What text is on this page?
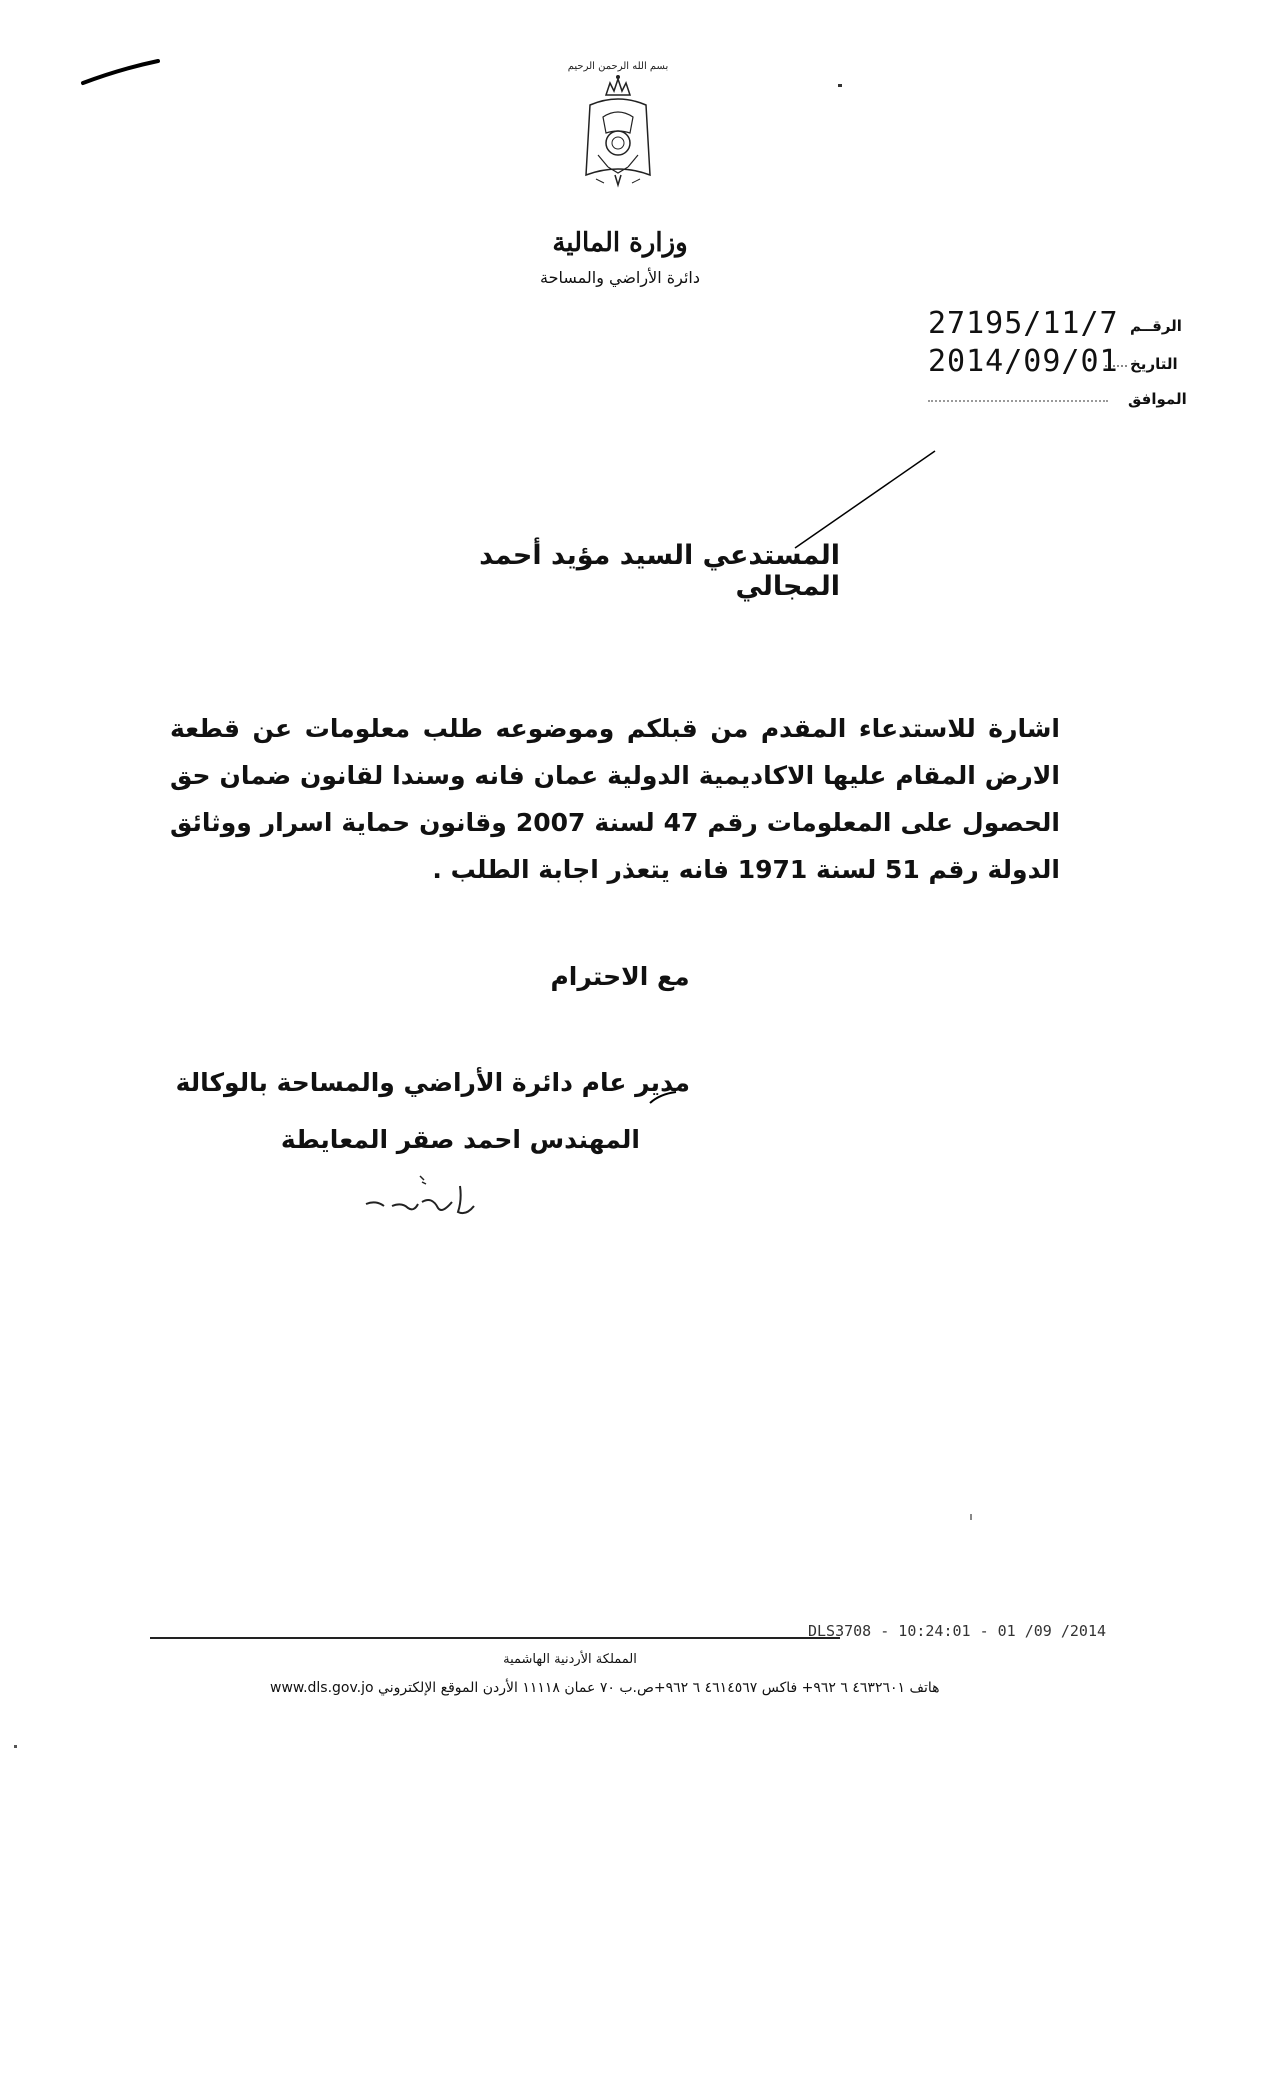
بسم الله الرحمن الرحيم
وزارة المالية
دائرة الأراضي والمساحة
الرقــم
27195/11/7
التاريخ
2014/09/01
الموافق
المستدعي السيد مؤيد أحمد المجالي
اشارة للاستدعاء المقدم من قبلكم وموضوعه طلب معلومات عن قطعة الارض المقام عليها الاكاديمية الدولية عمان فانه وسندا لقانون ضمان حق الحصول على المعلومات رقم 47 لسنة 2007 وقانون حماية اسرار ووثائق الدولة رقم 51 لسنة 1971 فانه يتعذر اجابة الطلب .
مع الاحترام
مدير عام دائرة الأراضي والمساحة بالوكالة
المهندس احمد صقر المعايطة
DLS3708 - 10:24:01 - 01 /09 /2014
المملكة الأردنية الهاشمية
www.dls.gov.jo هاتف ٤٦٣٢٦٠١ ٦ ٩٦٢+ فاكس ٤٦١٤٥٦٧ ٦ ٩٦٢+ص.ب ٧٠ عمان ١١١١٨ الأردن الموقع الإلكتروني
